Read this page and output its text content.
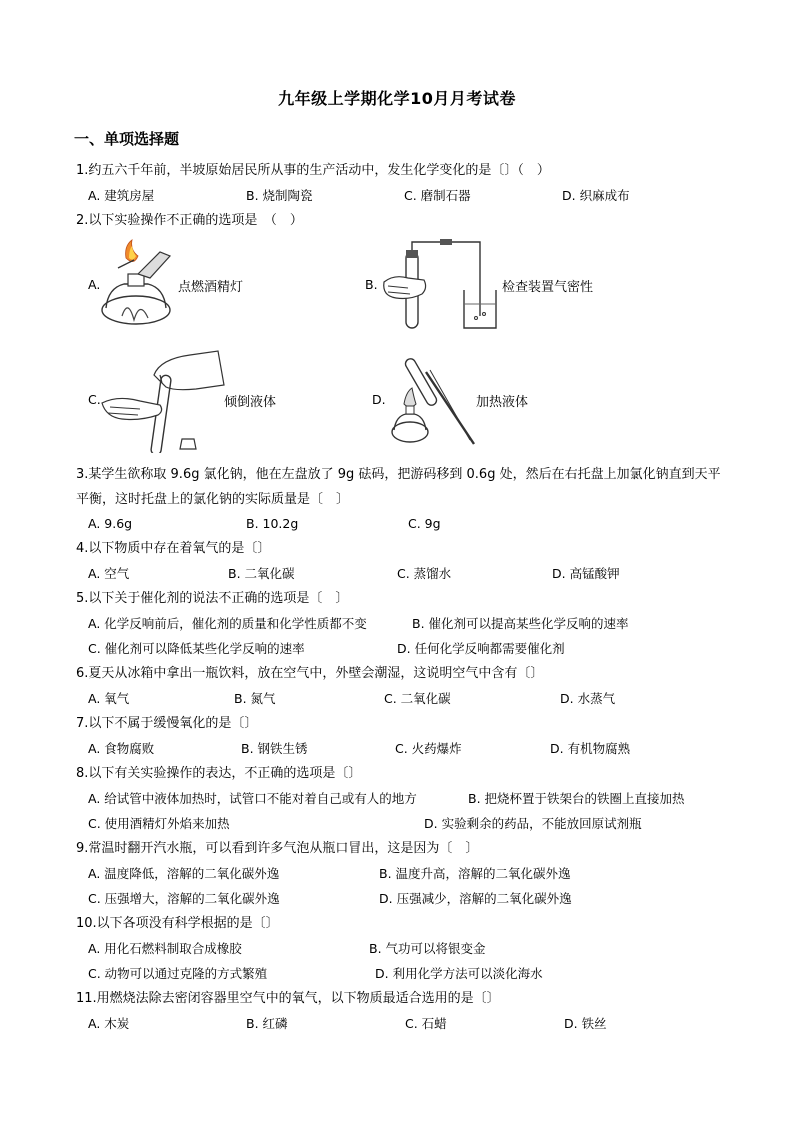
九年级上学期化学10月月考试卷
一、单项选择题
1.约五六千年前，半坡原始居民所从事的生产活动中，发生化学变化的是〔〕（　）
A. 建筑房屋	B. 烧制陶瓷	C. 磨制石器	D. 织麻成布
2.以下实验操作不正确的选项是　（　）
A.	点燃酒精灯	B.	检查装置气密性
C.	倾倒液体	D.	加热液体
3.某学生欲称取 9.6g 氯化钠，他在左盘放了 9g 砝码，把游码移到 0.6g 处，然后在右托盘上加氯化钠直到天平平衡，这时托盘上的氯化钠的实际质量是〔　〕
A. 9.6g	B. 10.2g	C. 9g
4.以下物质中存在着氧气的是〔〕
A. 空气	B. 二氧化碳	C. 蒸馏水	D. 高锰酸钾
5.以下关于催化剂的说法不正确的选项是〔　〕
A. 化学反响前后，催化剂的质量和化学性质都不变	B. 催化剂可以提高某些化学反响的速率
C. 催化剂可以降低某些化学反响的速率	D. 任何化学反响都需要催化剂
6.夏天从冰箱中拿出一瓶饮料，放在空气中，外壁会潮湿，这说明空气中含有〔〕
A. 氧气	B. 氮气	C. 二氧化碳	D. 水蒸气
7.以下不属于缓慢氧化的是〔〕
A. 食物腐败	B. 钢铁生锈	C. 火药爆炸	D. 有机物腐熟
8.以下有关实验操作的表达，不正确的选项是〔〕
A. 给试管中液体加热时，试管口不能对着自己或有人的地方	B. 把烧杯置于铁架台的铁圈上直接加热
C. 使用酒精灯外焰来加热	D. 实验剩余的药品，不能放回原试剂瓶
9.常温时翻开汽水瓶，可以看到许多气泡从瓶口冒出，这是因为〔　〕
A. 温度降低，溶解的二氧化碳外逸	B. 温度升高，溶解的二氧化碳外逸
C. 压强增大，溶解的二氧化碳外逸	D. 压强减少，溶解的二氧化碳外逸
10.以下各项没有科学根据的是〔〕
A. 用化石燃料制取合成橡胶	B. 气功可以将银变金
C. 动物可以通过克隆的方式繁殖	D. 利用化学方法可以淡化海水
11.用燃烧法除去密闭容器里空气中的氧气，以下物质最适合选用的是〔〕
A. 木炭	B. 红磷	C. 石蜡	D. 铁丝
